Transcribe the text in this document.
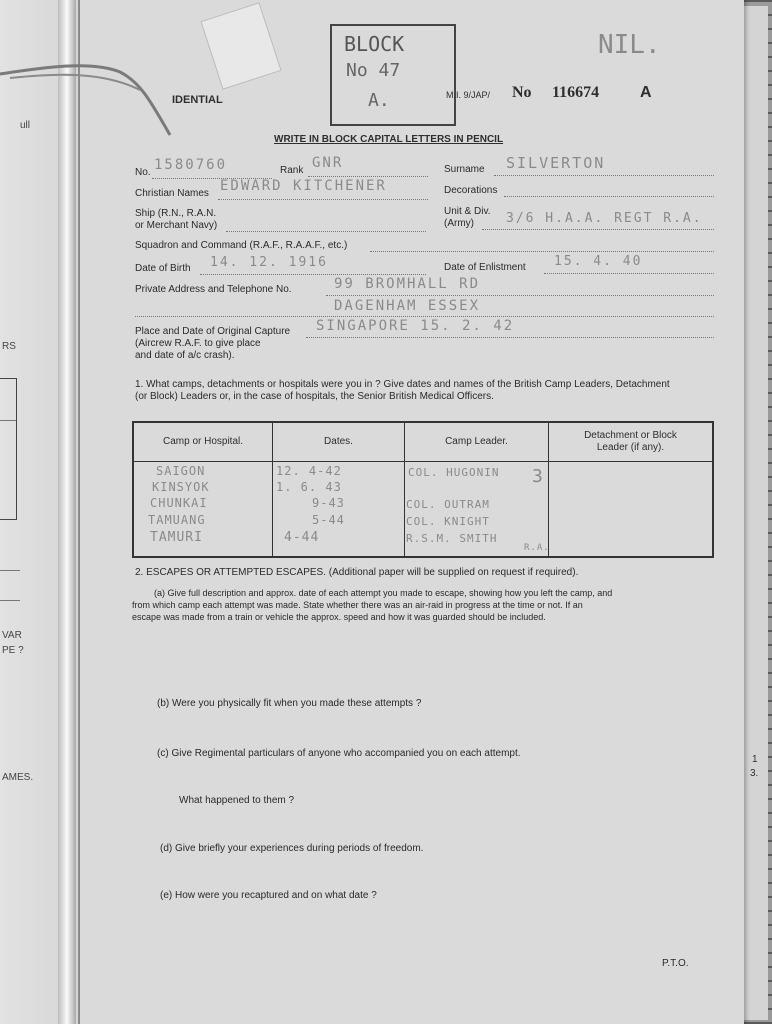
ull
RS
VAR
PE ?
AMES.
1
3.
IDENTIAL
BLOCK
No 47
A.
NIL.
M.I. 9/JAP/ No 116674	A
WRITE IN BLOCK CAPITAL LETTERS IN PENCIL
No. 1580760	Rank GNR	Surname SILVERTON
Christian Names EDWARD KITCHENER	Decorations
Ship (R.N., R.A.N.
or Merchant Navy)
Unit & Div.
(Army) 3/6 H.A.A. REGT R.A.
Squadron and Command (R.A.F., R.A.A.F., etc.)
Date of Birth 14. 12. 1916	Date of Enlistment 15. 4. 40
Private Address and Telephone No.	99 BROMHALL RD
DAGENHAM ESSEX
Place and Date of Original Capture
(Aircrew R.A.F. to give place
and date of a/c crash).
SINGAPORE 15. 2. 42
1. What camps, detachments or hospitals were you in ? Give dates and names of the British Camp Leaders, Detachment
(or Block) Leaders or, in the case of hospitals, the Senior British Medical Officers.
Camp or Hospital.	Dates.	Camp Leader.
Detachment or Block Leader (if any).
SAIGON	12. 4-42	COL. HUGONIN
KINSYOK	1. 6. 43
CHUNKAI	9-43	COL. OUTRAM
TAMUANG	5-44	COL. KNIGHT
TAMURI	4-44	R.S.M. SMITH
3
R.A.
2. ESCAPES OR ATTEMPTED ESCAPES. (Additional paper will be supplied on request if required).
(a) Give full description and approx. date of each attempt you made to escape, showing how you left the camp, and
from which camp each attempt was made. State whether there was an air-raid in progress at the time or not. If an
escape was made from a train or vehicle the approx. speed and how it was guarded should be included.
(b) Were you physically fit when you made these attempts ?
(c) Give Regimental particulars of anyone who accompanied you on each attempt.
What happened to them ?
(d) Give briefly your experiences during periods of freedom.
(e) How were you recaptured and on what date ?
P.T.O.
